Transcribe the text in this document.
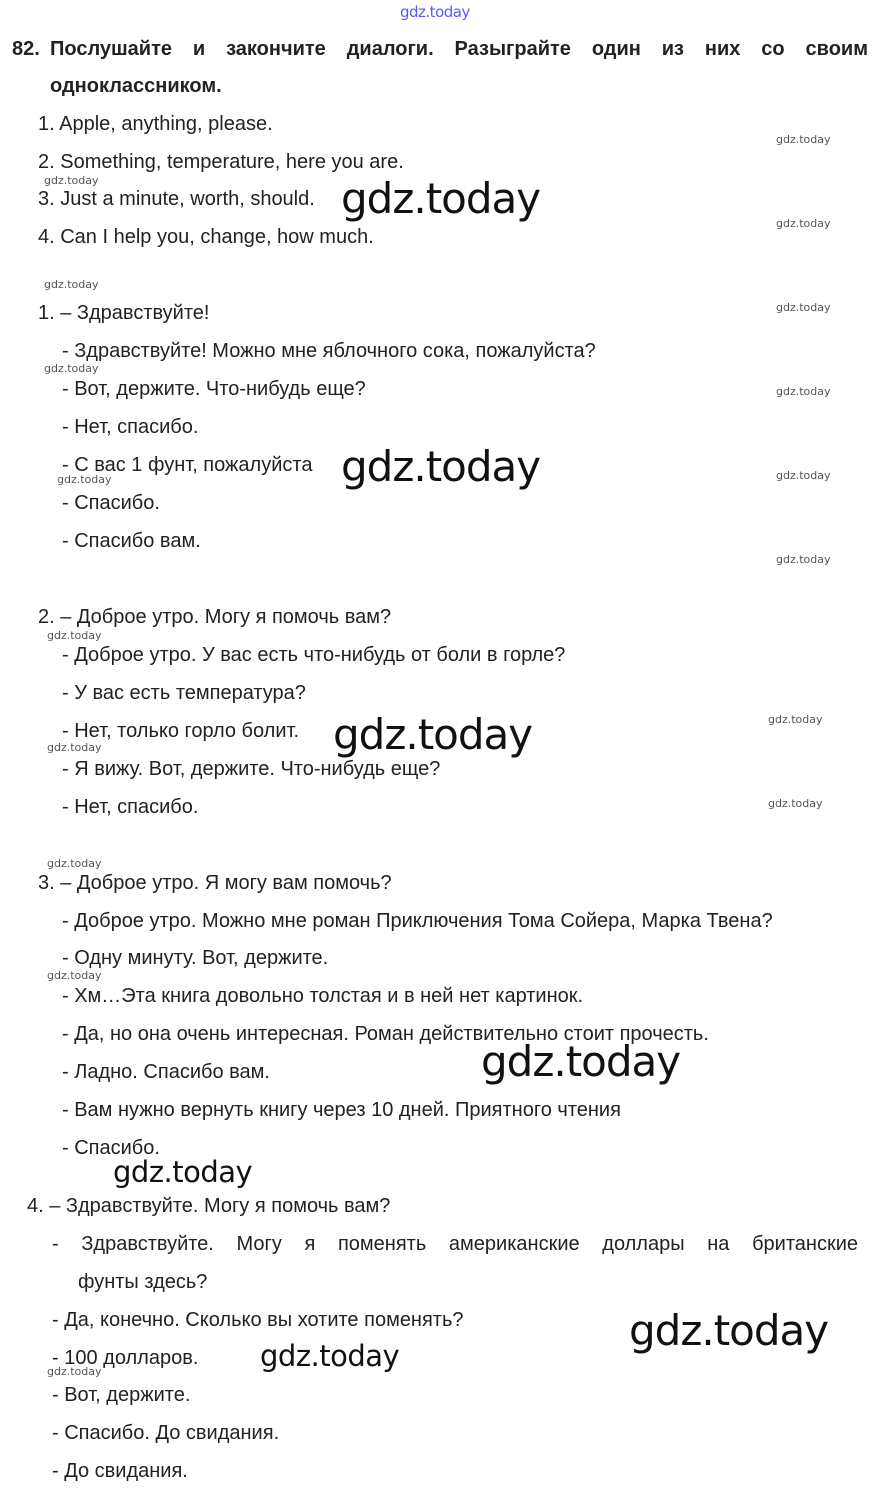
gdz.today
82. Послушайте и закончите диалоги. Разыграйте один из них со своим
одноклассником.
1. Apple, anything, please.
2. Something, temperature, here you are.
3. Just a minute, worth, should.
4. Can I help you, change, how much.
1. – Здравствуйте!
- Здравствуйте! Можно мне яблочного сока, пожалуйста?
- Вот, держите. Что-нибудь еще?
- Нет, спасибо.
- С вас 1 фунт, пожалуйста
- Спасибо.
- Спасибо вам.
2. – Доброе утро. Могу я помочь вам?
- Доброе утро. У вас есть что-нибудь от боли в горле?
- У вас есть температура?
- Нет, только горло болит.
- Я вижу. Вот, держите. Что-нибудь еще?
- Нет, спасибо.
3. – Доброе утро. Я могу вам помочь?
- Доброе утро. Можно мне роман Приключения Тома Сойера, Марка Твена?
- Одну минуту. Вот, держите.
- Хм…Эта книга довольно толстая и в ней нет картинок.
- Да, но она очень интересная. Роман действительно стоит прочесть.
- Ладно. Спасибо вам.
- Вам нужно вернуть книгу через 10 дней. Приятного чтения
- Спасибо.
4. – Здравствуйте. Могу я помочь вам?
- Здравствуйте. Могу я поменять американские доллары на британские
фунты здесь?
- Да, конечно. Сколько вы хотите поменять?
- 100 долларов.
- Вот, держите.
- Спасибо. До свидания.
- До свидания.
gdz.today
gdz.today
gdz.today
gdz.today
gdz.today
gdz.today
gdz.today
gdz.today
gdz.today
gdz.today
gdz.today
gdz.today
gdz.today
gdz.today
gdz.today
gdz.today
gdz.today
gdz.today
gdz.today
gdz.today
gdz.today
gdz.today
gdz.today
gdz.today
